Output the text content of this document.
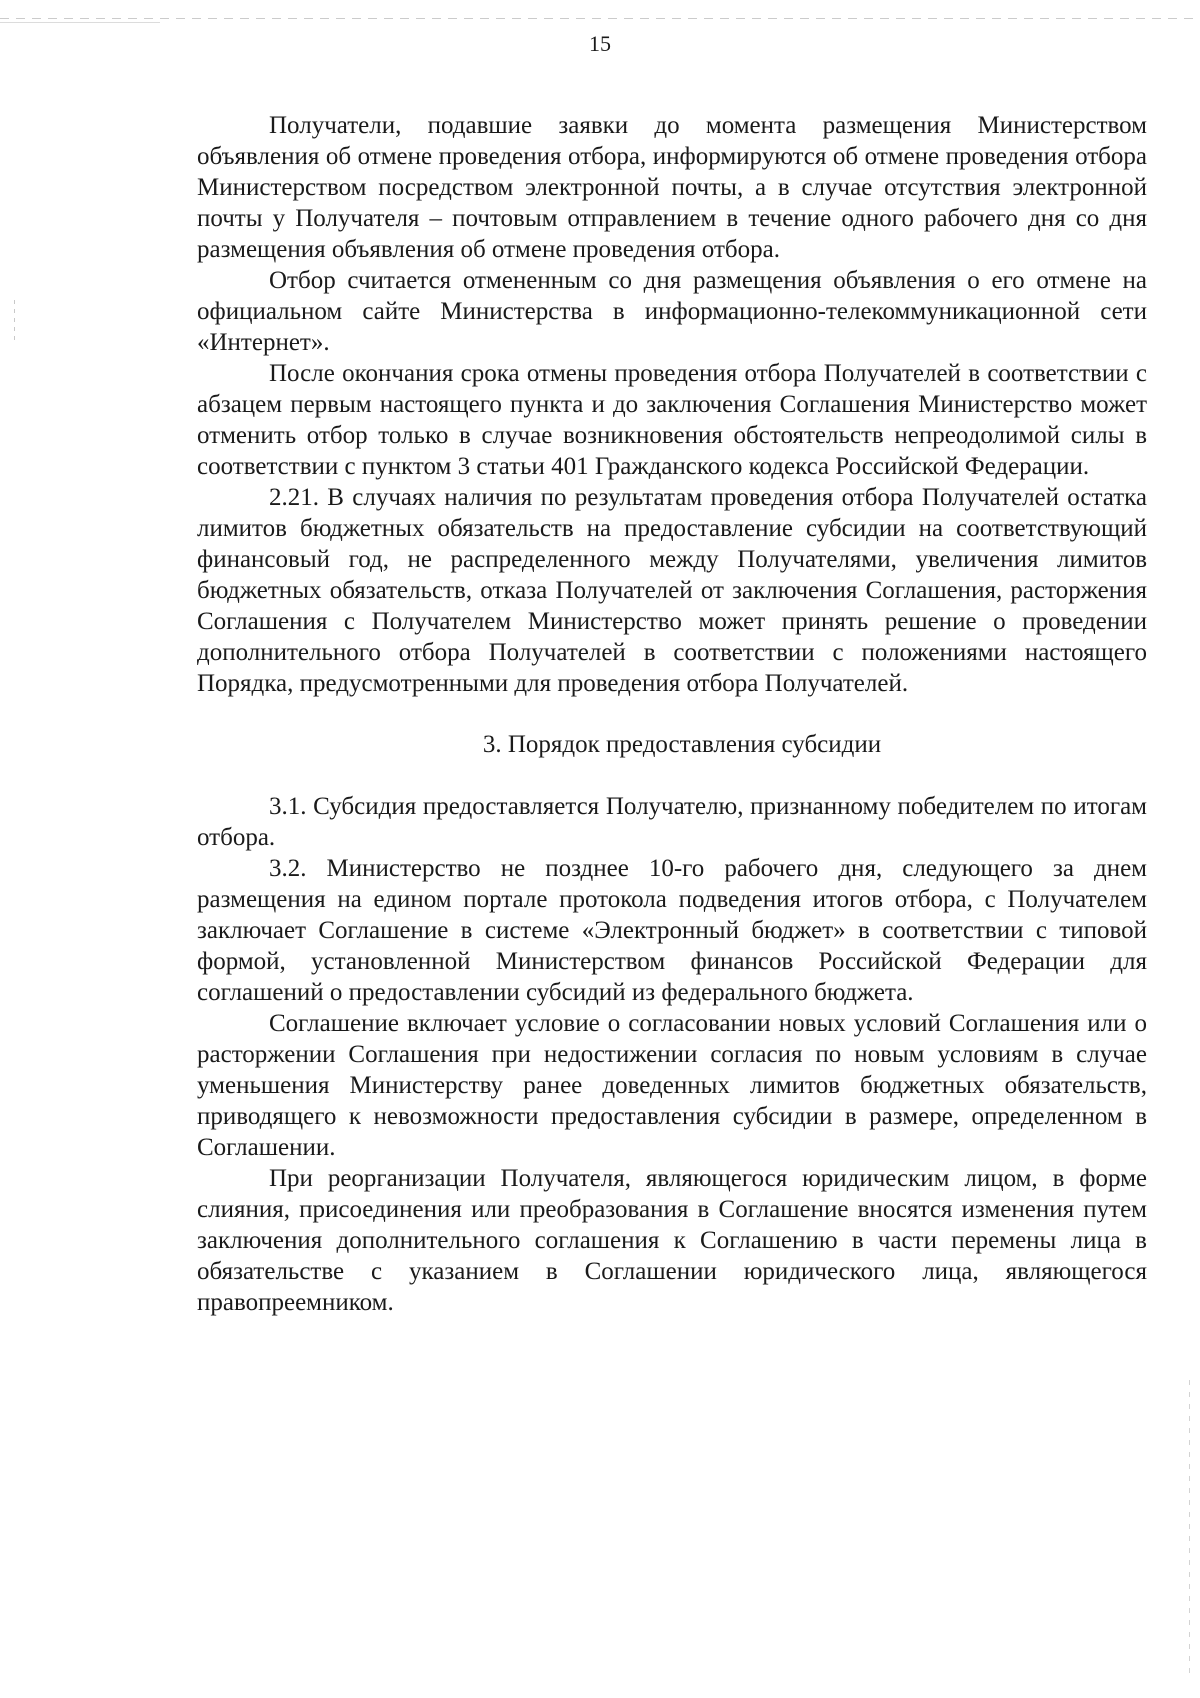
15

Получатели, подавшие заявки до момента размещения Министерством объявления об отмене проведения отбора, информируются об отмене проведения отбора Министерством посредством электронной почты, а в случае отсутствия электронной почты у Получателя – почтовым отправлением в течение одного рабочего дня со дня размещения объявления об отмене проведения отбора.

Отбор считается отмененным со дня размещения объявления о его отмене на официальном сайте Министерства в информационно-телекоммуникационной сети «Интернет».

После окончания срока отмены проведения отбора Получателей в соответствии с абзацем первым настоящего пункта и до заключения Соглашения Министерство может отменить отбор только в случае возникновения обстоятельств непреодолимой силы в соответствии с пунктом 3 статьи 401 Гражданского кодекса Российской Федерации.

2.21. В случаях наличия по результатам проведения отбора Получателей остатка лимитов бюджетных обязательств на предоставление субсидии на соответствующий финансовый год, не распределенного между Получателями, увеличения лимитов бюджетных обязательств, отказа Получателей от заключения Соглашения, расторжения Соглашения с Получателем Министерство может принять решение о проведении дополнительного отбора Получателей в соответствии с положениями настоящего Порядка, предусмотренными для проведения отбора Получателей.

3. Порядок предоставления субсидии

3.1. Субсидия предоставляется Получателю, признанному победителем по итогам отбора.

3.2. Министерство не позднее 10-го рабочего дня, следующего за днем размещения на едином портале протокола подведения итогов отбора, с Получателем заключает Соглашение в системе «Электронный бюджет» в соответствии с типовой формой, установленной Министерством финансов Российской Федерации для соглашений о предоставлении субсидий из федерального бюджета.

Соглашение включает условие о согласовании новых условий Соглашения или о расторжении Соглашения при недостижении согласия по новым условиям в случае уменьшения Министерству ранее доведенных лимитов бюджетных обязательств, приводящего к невозможности предоставления субсидии в размере, определенном в Соглашении.

При реорганизации Получателя, являющегося юридическим лицом, в форме слияния, присоединения или преобразования в Соглашение вносятся изменения путем заключения дополнительного соглашения к Соглашению в части перемены лица в обязательстве с указанием в Соглашении юридического лица, являющегося правопреемником.
